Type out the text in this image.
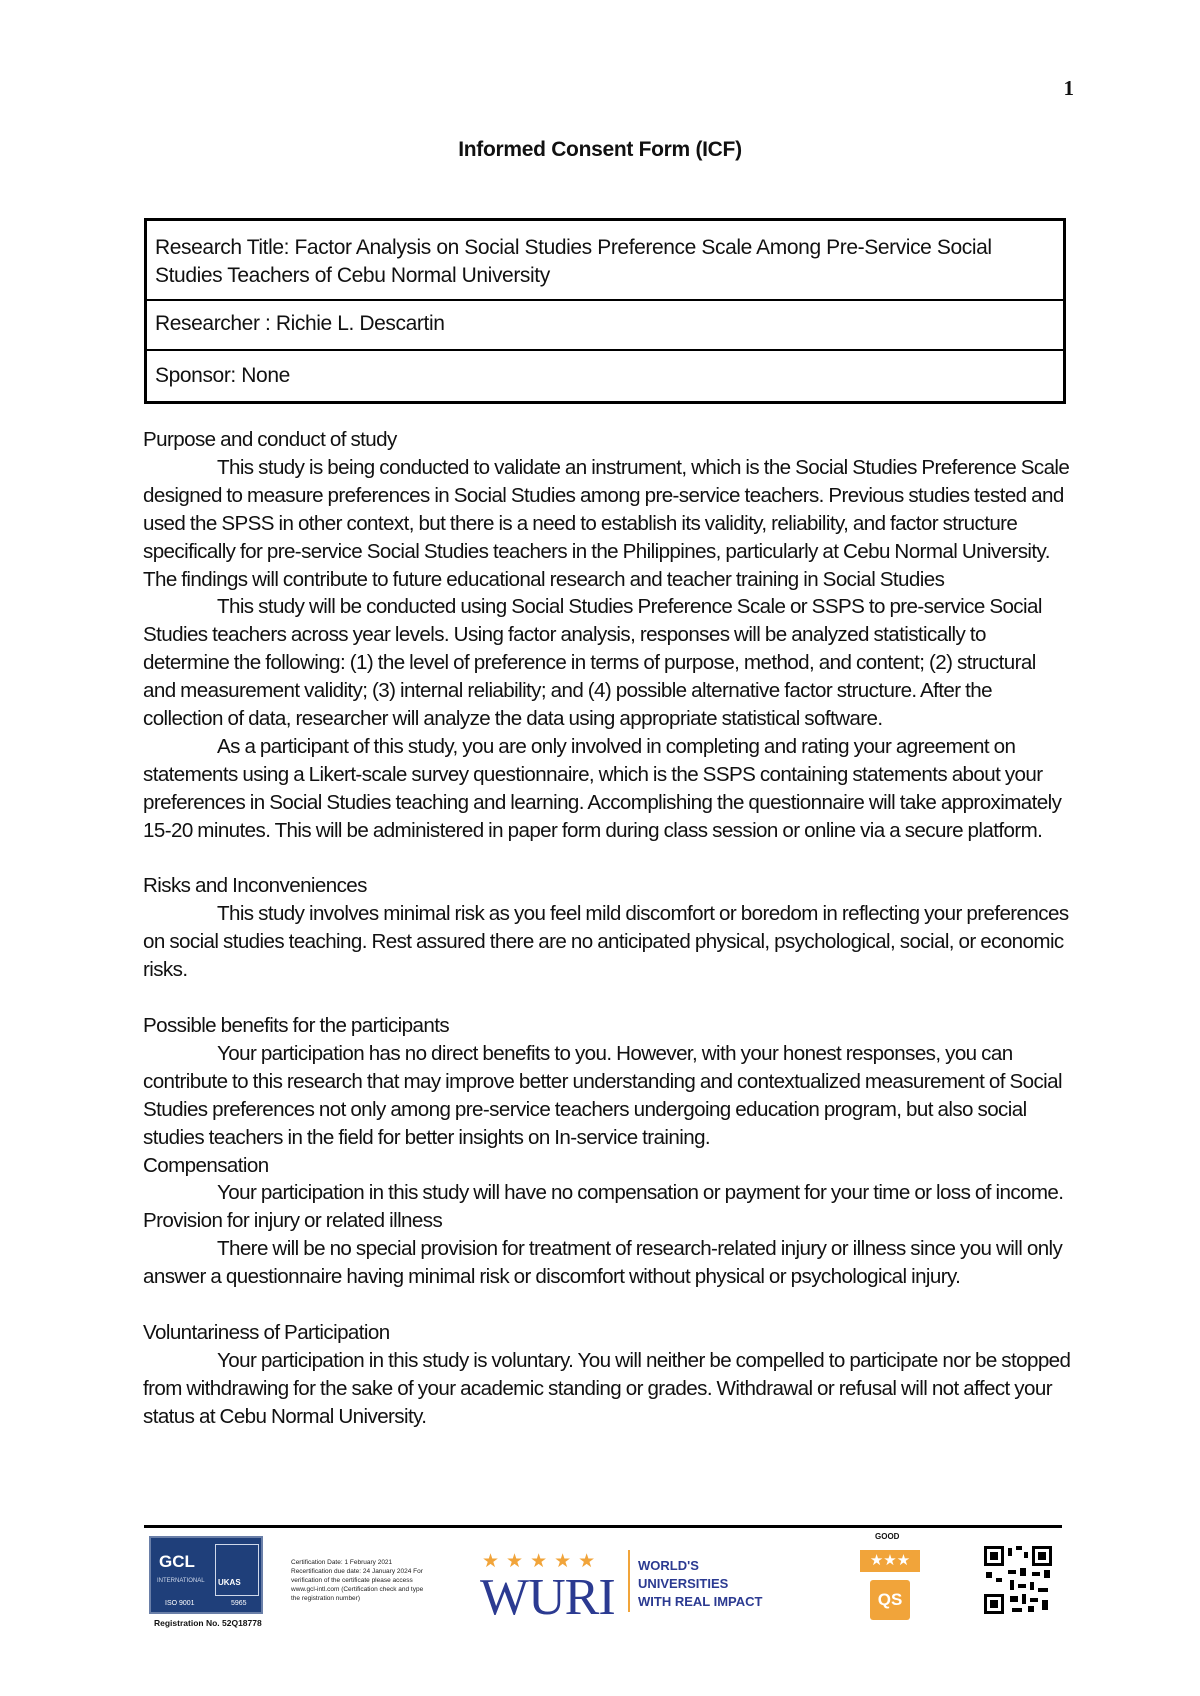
1
Informed Consent Form (ICF)
Research Title: Factor Analysis on Social Studies Preference Scale Among Pre-Service Social Studies Teachers of Cebu Normal University
Researcher : Richie L. Descartin
Sponsor: None

Purpose and conduct of study

This study is being conducted to validate an instrument, which is the Social Studies Preference Scale designed to measure preferences in Social Studies among pre-service teachers. Previous studies tested and used the SPSS in other context, but there is a need to establish its validity, reliability, and factor structure specifically for pre-service Social Studies teachers in the Philippines, particularly at Cebu Normal University. The findings will contribute to future educational research and teacher training in Social Studies

This study will be conducted using Social Studies Preference Scale or SSPS to pre-service Social Studies teachers across year levels. Using factor analysis, responses will be analyzed statistically to determine the following: (1) the level of preference in terms of purpose, method, and content; (2) structural and measurement validity; (3) internal reliability; and (4) possible alternative factor structure. After the collection of data, researcher will analyze the data using appropriate statistical software.

As a participant of this study, you are only involved in completing and rating your agreement on statements using a Likert-scale survey questionnaire, which is the SSPS containing statements about your preferences in Social Studies teaching and learning. Accomplishing the questionnaire will take approximately 15-20 minutes. This will be administered in paper form during class session or online via a secure platform.

Risks and Inconveniences

This study involves minimal risk as you feel mild discomfort or boredom in reflecting your preferences on social studies teaching. Rest assured there are no anticipated physical, psychological, social, or economic risks.

Possible benefits for the participants

Your participation has no direct benefits to you. However, with your honest responses, you can contribute to this research that may improve better understanding and contextualized measurement of Social Studies preferences not only among pre-service teachers undergoing education program, but also social studies teachers in the field for better insights on In-service training.

Compensation

Your participation in this study will have no compensation or payment for your time or loss of income.

Provision for injury or related illness

There will be no special provision for treatment of research-related injury or illness since you will only answer a questionnaire having minimal risk or discomfort without physical or psychological injury.

Voluntariness of Participation

Your participation in this study is voluntary. You will neither be compelled to participate nor be stopped from withdrawing for the sake of your academic standing or grades. Withdrawal or refusal will not affect your status at Cebu Normal University.

GCL
INTERNATIONAL UKAS
ISO 9001	5965
Registration No. 52Q18778
Certification Date: 1 February 2021 Recertification due date: 24 January 2024 For verification of the certificate please access www.gcl-intl.com (Certification check and type the registration number)
★★★★★
WURI
WORLD'S
UNIVERSITIES
WITH REAL IMPACT
GOOD
★★★
QS
